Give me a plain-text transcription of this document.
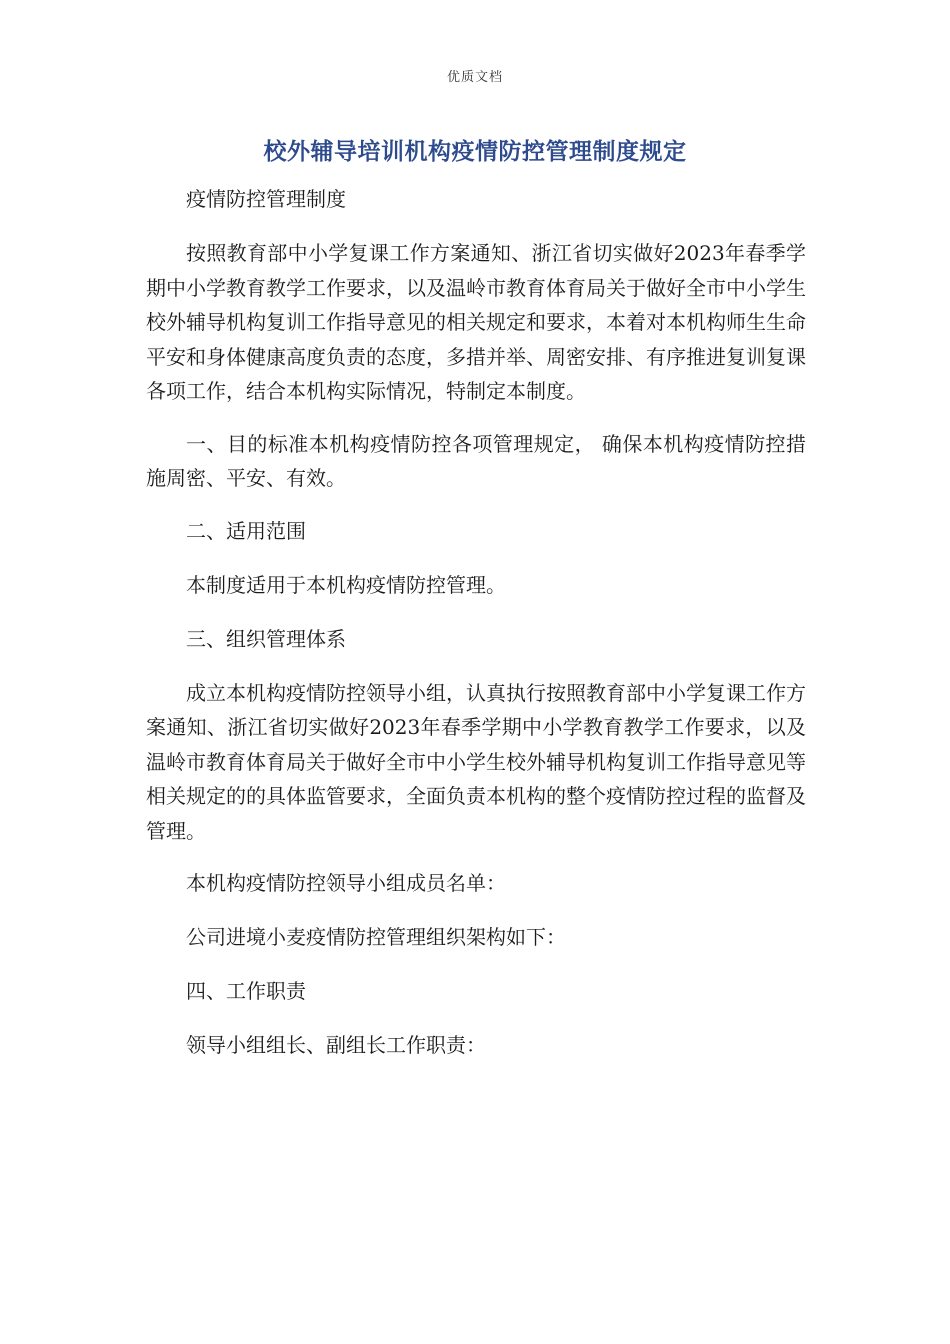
优质文档
校外辅导培训机构疫情防控管理制度规定

疫情防控管理制度

按照教育部中小学复课工作方案通知、浙江省切实做好2023年春季学期中小学教育教学工作要求，以及温岭市教育体育局关于做好全市中小学生校外辅导机构复训工作指导意见的相关规定和要求，本着对本机构师生生命平安和身体健康高度负责的态度，多措并举、周密安排、有序推进复训复课各项工作，结合本机构实际情况，特制定本制度。

一、目的标准本机构疫情防控各项管理规定， 确保本机构疫情防控措施周密、平安、有效。

二、适用范围

本制度适用于本机构疫情防控管理。

三、组织管理体系

成立本机构疫情防控领导小组，认真执行按照教育部中小学复课工作方案通知、浙江省切实做好2023年春季学期中小学教育教学工作要求，以及温岭市教育体育局关于做好全市中小学生校外辅导机构复训工作指导意见等相关规定的的具体监管要求，全面负责本机构的整个疫情防控过程的监督及管理。

本机构疫情防控领导小组成员名单：

公司进境小麦疫情防控管理组织架构如下：

四、工作职责

领导小组组长、副组长工作职责：
